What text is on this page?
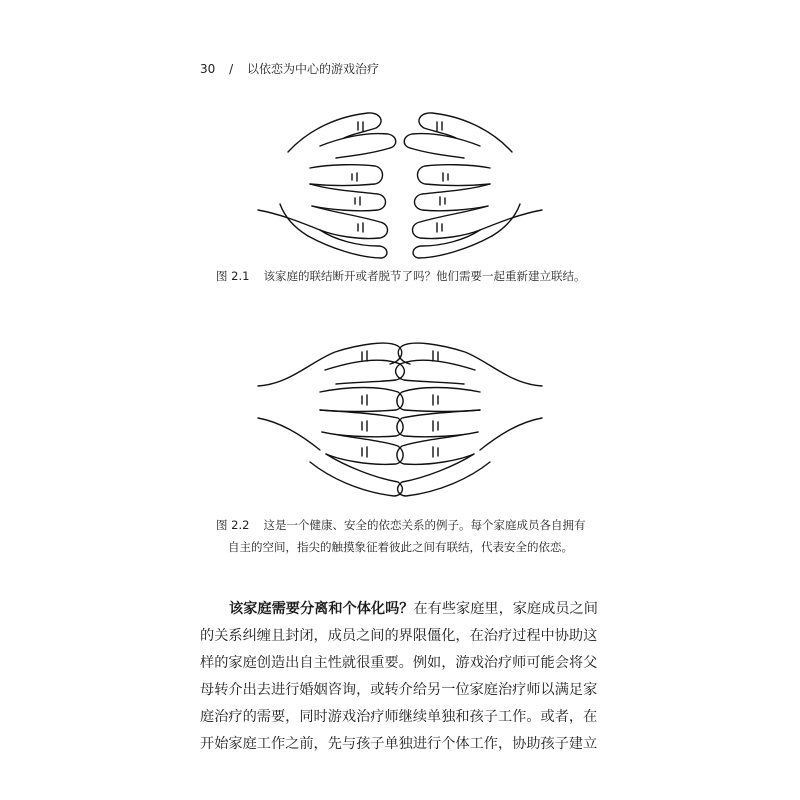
30 / 以依恋为中心的游戏治疗
图 2.1 该家庭的联结断开或者脱节了吗？他们需要一起重新建立联结。
图 2.2 这是一个健康、安全的依恋关系的例子。每个家庭成员各自拥有
自主的空间，指尖的触摸象征着彼此之间有联结，代表安全的依恋。

该家庭需要分离和个体化吗？在有些家庭里，家庭成员之间

的关系纠缠且封闭，成员之间的界限僵化，在治疗过程中协助这
样的家庭创造出自主性就很重要。例如，游戏治疗师可能会将父
母转介出去进行婚姻咨询，或转介给另一位家庭治疗师以满足家
庭治疗的需要，同时游戏治疗师继续单独和孩子工作。或者，在
开始家庭工作之前，先与孩子单独进行个体工作，协助孩子建立
